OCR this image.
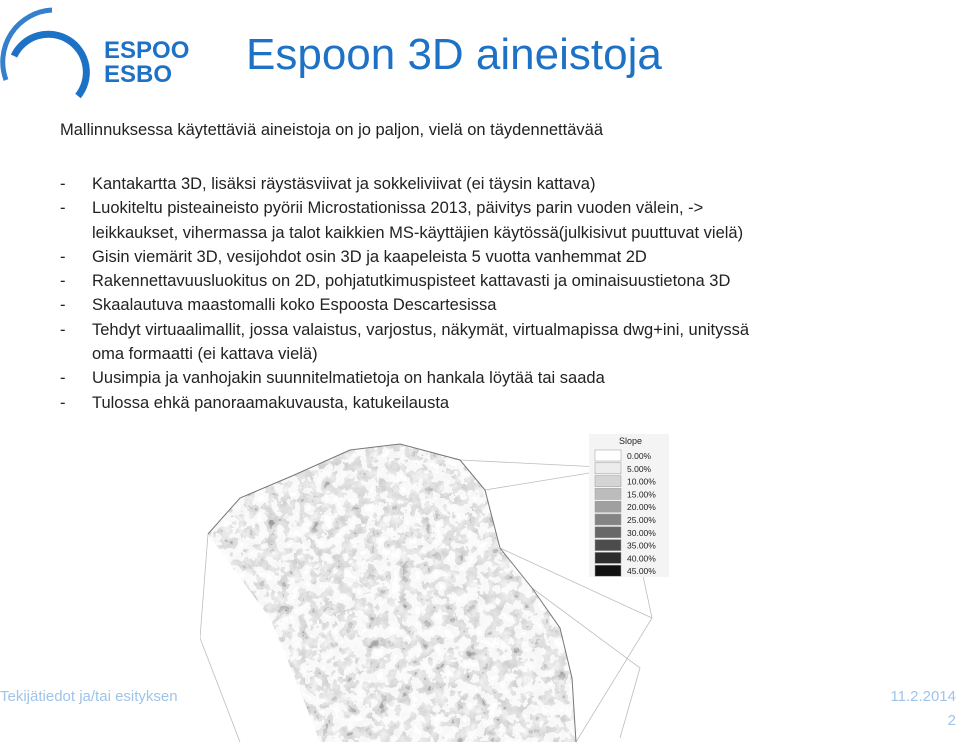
ESPOO
ESBO Espoon 3D aineistoja
Mallinnuksessa käytettäviä aineistoja on jo paljon, vielä on täydennettävää
-	Kantakartta 3D, lisäksi räystäsviivat ja sokkeliviivat (ei täysin kattava)
-	Luokiteltu pisteaineisto pyörii Microstationissa 2013, päivitys parin vuoden välein, ->
leikkaukset, vihermassa ja talot kaikkien MS-käyttäjien käytössä(julkisivut puuttuvat vielä)
-	Gisin viemärit 3D, vesijohdot osin 3D ja kaapeleista 5 vuotta vanhemmat 2D
-	Rakennettavuusluokitus on 2D, pohjatutkimuspisteet kattavasti ja ominaisuustietona 3D
-	Skaalautuva maastomalli koko Espoosta Descartesissa
-	Tehdyt virtuaalimallit, jossa valaistus, varjostus, näkymät, virtualmapissa dwg+ini, unityssä
oma formaatti (ei kattava vielä)
-	Uusimpia ja vanhojakin suunnitelmatietoja on hankala löytää tai saada
-	Tulossa ehkä panoraamakuvausta, katukeilausta
Slope
0.00%
5.00%
10.00%
15.00%
20.00%
25.00%
30.00%
35.00%
40.00%
45.00%
Tekijätiedot ja/tai esityksen	11.2.2014
2
